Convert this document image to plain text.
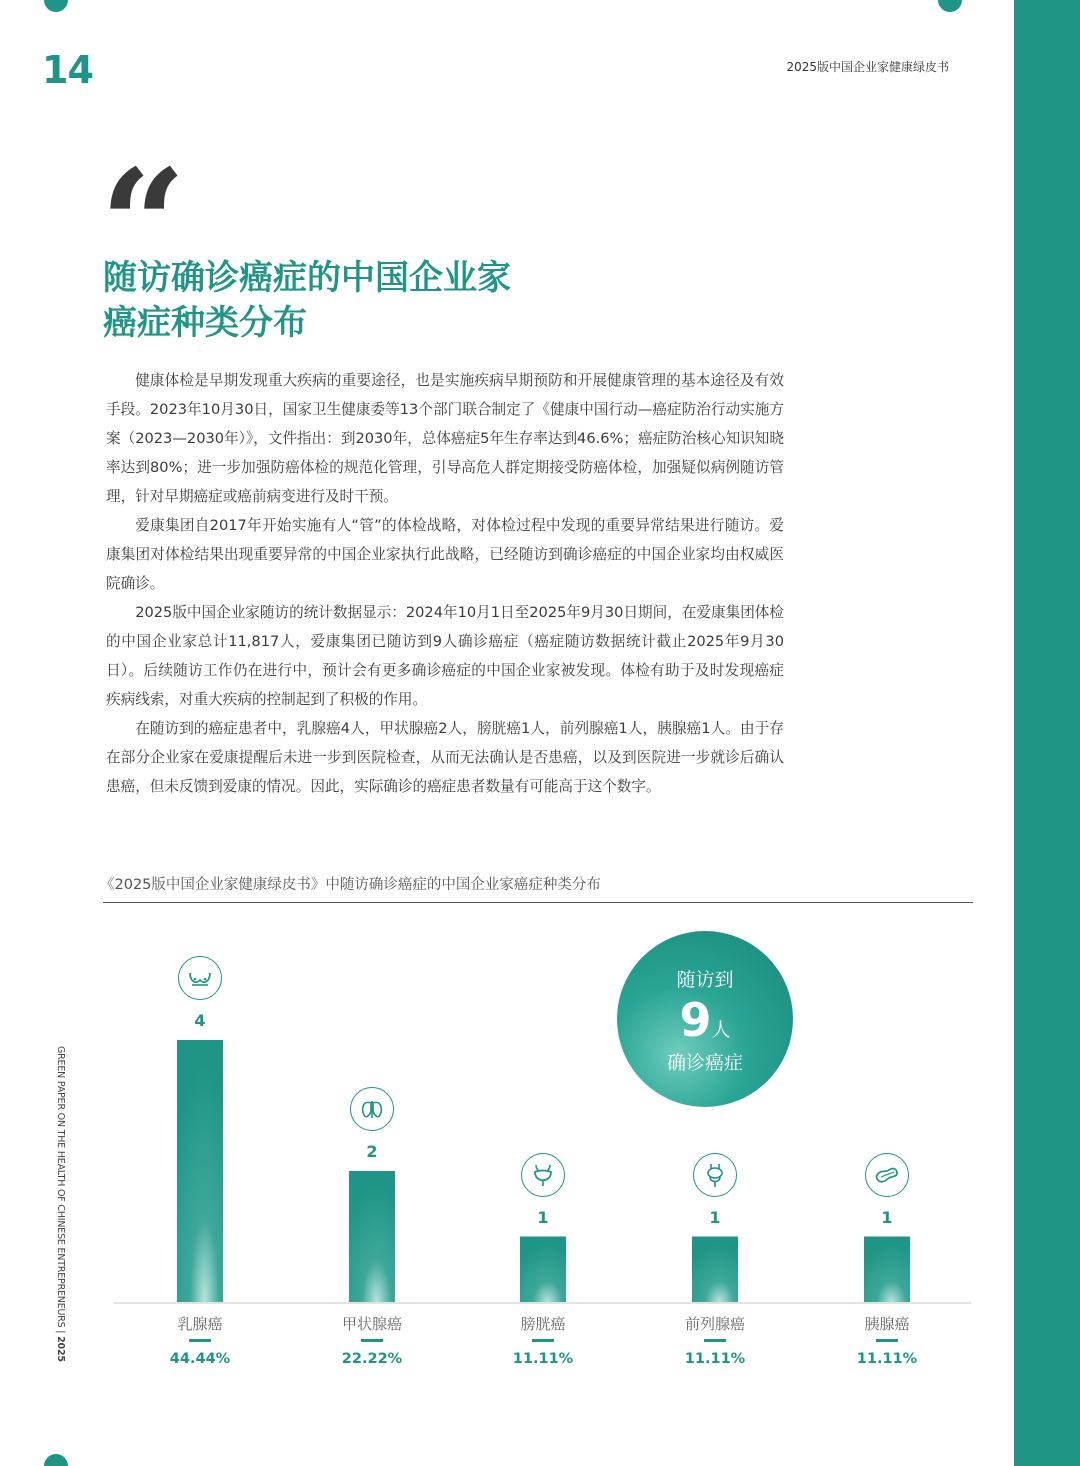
14	2025版中国企业家健康绿皮书
GREEN PAPER ON THE HEALTH OF CHINESE ENTREPRENEURS | 2025
“
随访确诊癌症的中国企业家
癌症种类分布

健康体检是早期发现重大疾病的重要途径，也是实施疾病早期预防和开展健康管理的基本途径及有效手段。2023年10月30日，国家卫生健康委等13个部门联合制定了《健康中国行动—癌症防治行动实施方案（2023—2030年）》，文件指出：到2030年，总体癌症5年生存率达到46.6%；癌症防治核心知识知晓率达到80%；进一步加强防癌体检的规范化管理，引导高危人群定期接受防癌体检，加强疑似病例随访管理，针对早期癌症或癌前病变进行及时干预。

爱康集团自2017年开始实施有人“管”的体检战略，对体检过程中发现的重要异常结果进行随访。爱康集团对体检结果出现重要异常的中国企业家执行此战略，已经随访到确诊癌症的中国企业家均由权威医院确诊。

2025版中国企业家随访的统计数据显示：2024年10月1日至2025年9月30日期间，在爱康集团体检的中国企业家总计11,817人，爱康集团已随访到9人确诊癌症（癌症随访数据统计截止2025年9月30日）。后续随访工作仍在进行中，预计会有更多确诊癌症的中国企业家被发现。体检有助于及时发现癌症疾病线索，对重大疾病的控制起到了积极的作用。

在随访到的癌症患者中，乳腺癌4人，甲状腺癌2人，膀胱癌1人，前列腺癌1人，胰腺癌1人。由于存在部分企业家在爱康提醒后未进一步到医院检查，从而无法确认是否患癌，以及到医院进一步就诊后确认患癌，但未反馈到爱康的情况。因此，实际确诊的癌症患者数量有可能高于这个数字。

《2025版中国企业家健康绿皮书》中随访确诊癌症的中国企业家癌症种类分布
随访到
9人
确诊癌症
4
乳腺癌
44.44%
2
甲状腺癌
22.22%
1
膀胱癌
11.11%
1
前列腺癌
11.11%
1
胰腺癌
11.11%
